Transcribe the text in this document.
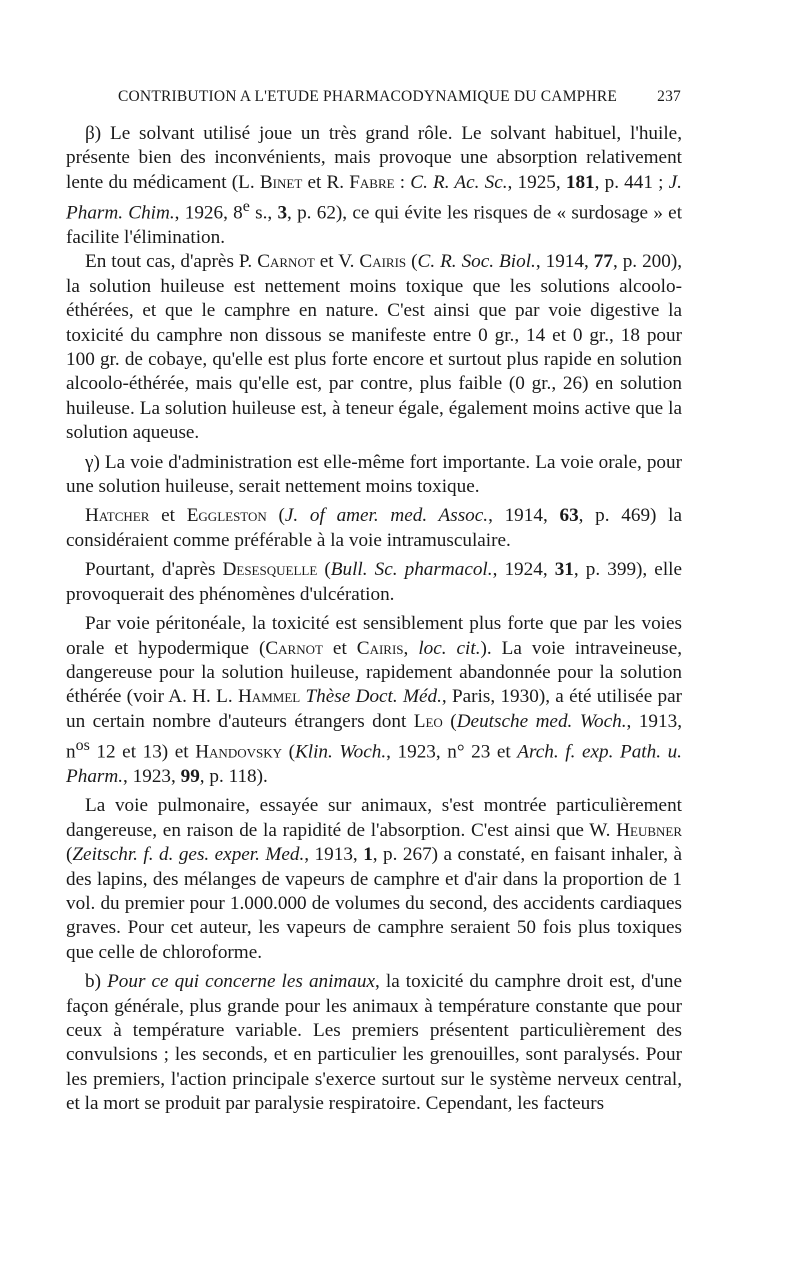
CONTRIBUTION A L'ETUDE PHARMACODYNAMIQUE DU CAMPHRE	237

β) Le solvant utilisé joue un très grand rôle. Le solvant habituel, l'huile, présente bien des inconvénients, mais provoque une absorption relativement lente du médicament (L. Binet et R. Fabre : C. R. Ac. Sc., 1925, 181, p. 441 ; J. Pharm. Chim., 1926, 8e s., 3, p. 62), ce qui évite les risques de « surdosage » et facilite l'élimination.

En tout cas, d'après P. Carnot et V. Cairis (C. R. Soc. Biol., 1914, 77, p. 200), la solution huileuse est nettement moins toxique que les solutions alcoolo-éthérées, et que le camphre en nature. C'est ainsi que par voie digestive la toxicité du camphre non dissous se manifeste entre 0 gr., 14 et 0 gr., 18 pour 100 gr. de cobaye, qu'elle est plus forte encore et surtout plus rapide en solution alcoolo-éthérée, mais qu'elle est, par contre, plus faible (0 gr., 26) en solution huileuse. La solution huileuse est, à teneur égale, également moins active que la solution aqueuse.

γ) La voie d'administration est elle-même fort importante. La voie orale, pour une solution huileuse, serait nettement moins toxique.

Hatcher et Eggleston (J. of amer. med. Assoc., 1914, 63, p. 469) la considéraient comme préférable à la voie intramusculaire.

Pourtant, d'après Desesquelle (Bull. Sc. pharmacol., 1924, 31, p. 399), elle provoquerait des phénomènes d'ulcération.

Par voie péritonéale, la toxicité est sensiblement plus forte que par les voies orale et hypodermique (Carnot et Cairis, loc. cit.). La voie intraveineuse, dangereuse pour la solution huileuse, rapidement abandonnée pour la solution éthérée (voir A. H. L. Hammel Thèse Doct. Méd., Paris, 1930), a été utilisée par un certain nombre d'auteurs étrangers dont Leo (Deutsche med. Woch., 1913, $n^{os}$ 12 et 13) et Handovsky (Klin. Woch., 1923, n° 23 et Arch. f. exp. Path. u. Pharm., 1923, 99, p. 118).

La voie pulmonaire, essayée sur animaux, s'est montrée particulièrement dangereuse, en raison de la rapidité de l'absorption. C'est ainsi que W. Heubner (Zeitschr. f. d. ges. exper. Med., 1913, 1, p. 267) a constaté, en faisant inhaler, à des lapins, des mélanges de vapeurs de camphre et d'air dans la proportion de 1 vol. du premier pour 1.000.000 de volumes du second, des accidents cardiaques graves. Pour cet auteur, les vapeurs de camphre seraient 50 fois plus toxiques que celle de chloroforme.

b) Pour ce qui concerne les animaux, la toxicité du camphre droit est, d'une façon générale, plus grande pour les animaux à température constante que pour ceux à température variable. Les premiers présentent particulièrement des convulsions ; les seconds, et en particulier les grenouilles, sont paralysés. Pour les premiers, l'action principale s'exerce surtout sur le système nerveux central, et la mort se produit par paralysie respiratoire. Cependant, les facteurs
